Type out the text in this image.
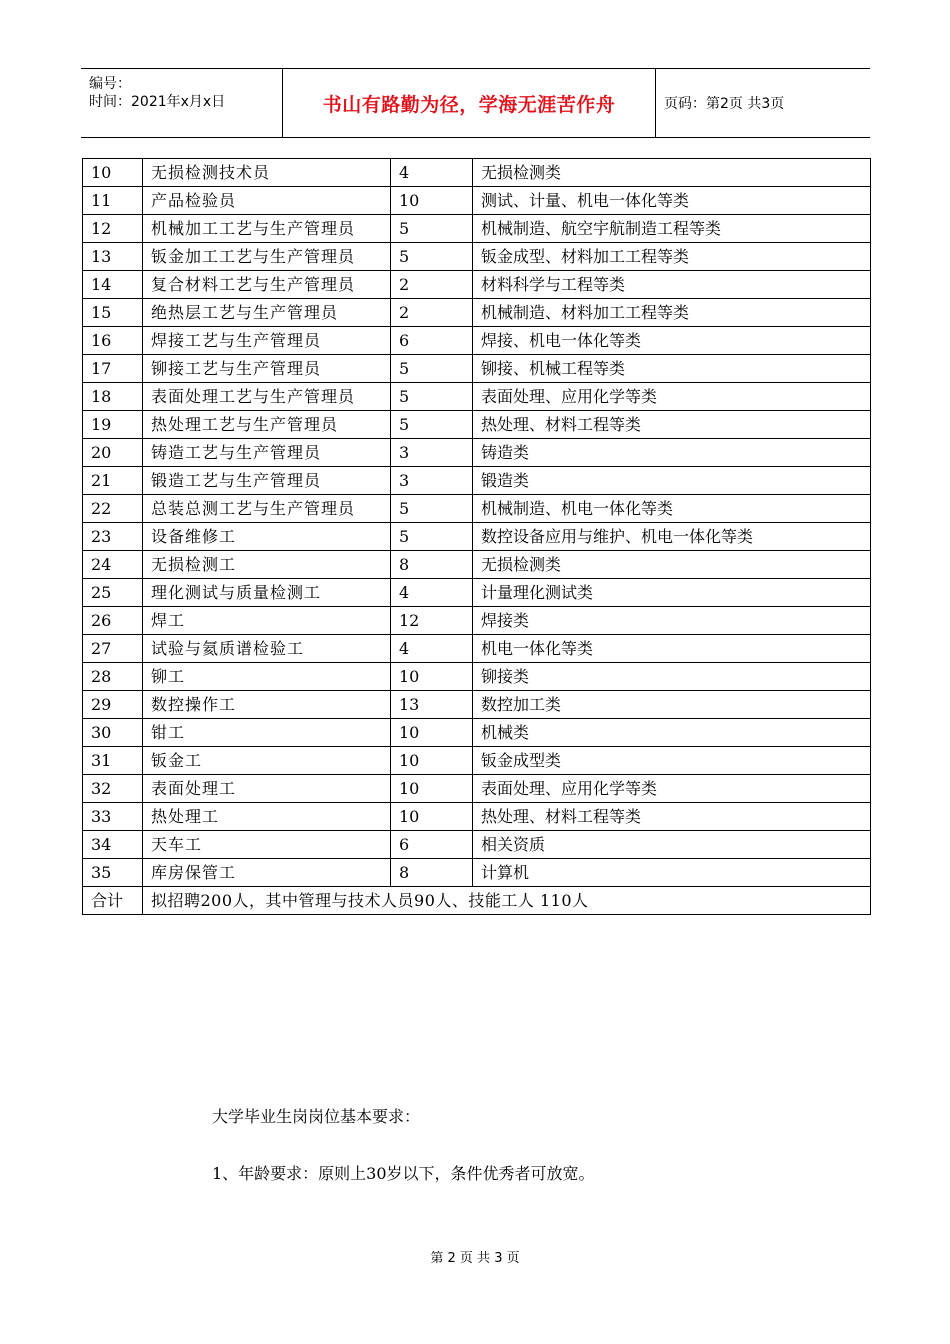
编号：
时间：2021年x月x日	书山有路勤为径，学海无涯苦作舟	页码：第2页 共3页
10	无损检测技术员	4	无损检测类
11	产品检验员	10	测试、计量、机电一体化等类
12	机械加工工艺与生产管理员	5	机械制造、航空宇航制造工程等类
13	钣金加工工艺与生产管理员	5	钣金成型、材料加工工程等类
14	复合材料工艺与生产管理员	2	材料科学与工程等类
15	绝热层工艺与生产管理员	2	机械制造、材料加工工程等类
16	焊接工艺与生产管理员	6	焊接、机电一体化等类
17	铆接工艺与生产管理员	5	铆接、机械工程等类
18	表面处理工艺与生产管理员	5	表面处理、应用化学等类
19	热处理工艺与生产管理员	5	热处理、材料工程等类
20	铸造工艺与生产管理员	3	铸造类
21	锻造工艺与生产管理员	3	锻造类
22	总装总测工艺与生产管理员	5	机械制造、机电一体化等类
23	设备维修工	5	数控设备应用与维护、机电一体化等类
24	无损检测工	8	无损检测类
25	理化测试与质量检测工	4	计量理化测试类
26	焊工	12	焊接类
27	试验与氦质谱检验工	4	机电一体化等类
28	铆工	10	铆接类
29	数控操作工	13	数控加工类
30	钳工	10	机械类
31	钣金工	10	钣金成型类
32	表面处理工	10	表面处理、应用化学等类
33	热处理工	10	热处理、材料工程等类
34	天车工	6	相关资质
35	库房保管工	8	计算机
合计	拟招聘200人，其中管理与技术人员90人、技能工人 110人		
大学毕业生岗岗位基本要求：
1、年龄要求：原则上30岁以下，条件优秀者可放宽。
第 2 页 共 3 页
